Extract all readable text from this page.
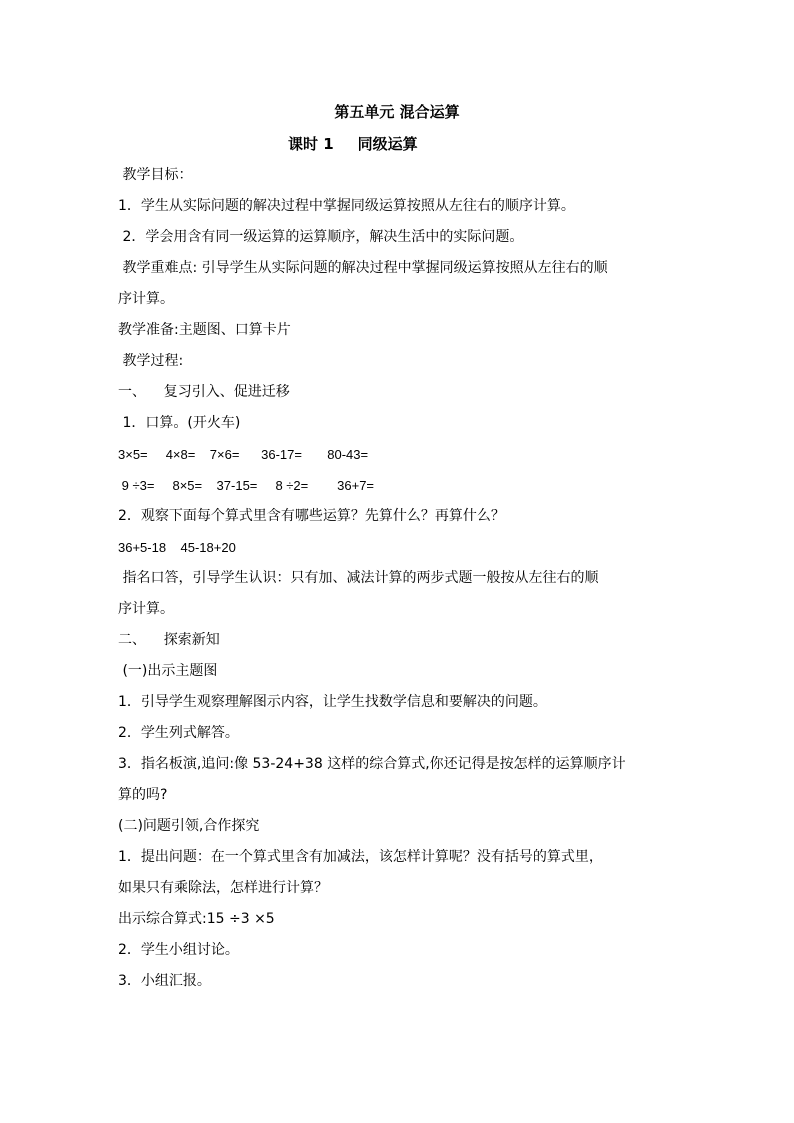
第五单元 混合运算
课时 1 同级运算

教学目标：

1．学生从实际问题的解决过程中掌握同级运算按照从左往右的顺序计算。

2．学会用含有同一级运算的运算顺序，解决生活中的实际问题。

教学重难点: 引导学生从实际问题的解决过程中掌握同级运算按照从左往右的顺

序计算。

教学准备:主题图、口算卡片

教学过程:

一、    复习引入、促进迁移

1．口算。(开火车)

3×5=     4×8=    7×6=      36-17=       80-43=

9 ÷3=     8×5=    37-15=     8 ÷2=        36+7=

2．观察下面每个算式里含有哪些运算？先算什么？再算什么？

36+5-18    45-18+20

指名口答，引导学生认识：只有加、减法计算的两步式题一般按从左往右的顺

序计算。

二、    探索新知

(一)出示主题图

1．引导学生观察理解图示内容，让学生找数学信息和要解决的问题。

2．学生列式解答。

3．指名板演,追问:像 53-24+38 这样的综合算式,你还记得是按怎样的运算顺序计

算的吗?

(二)问题引领,合作探究

1．提出问题：在一个算式里含有加减法，该怎样计算呢？没有括号的算式里，

如果只有乘除法，怎样进行计算？

出示综合算式:15 ÷3 ×5

2．学生小组讨论。

3．小组汇报。
